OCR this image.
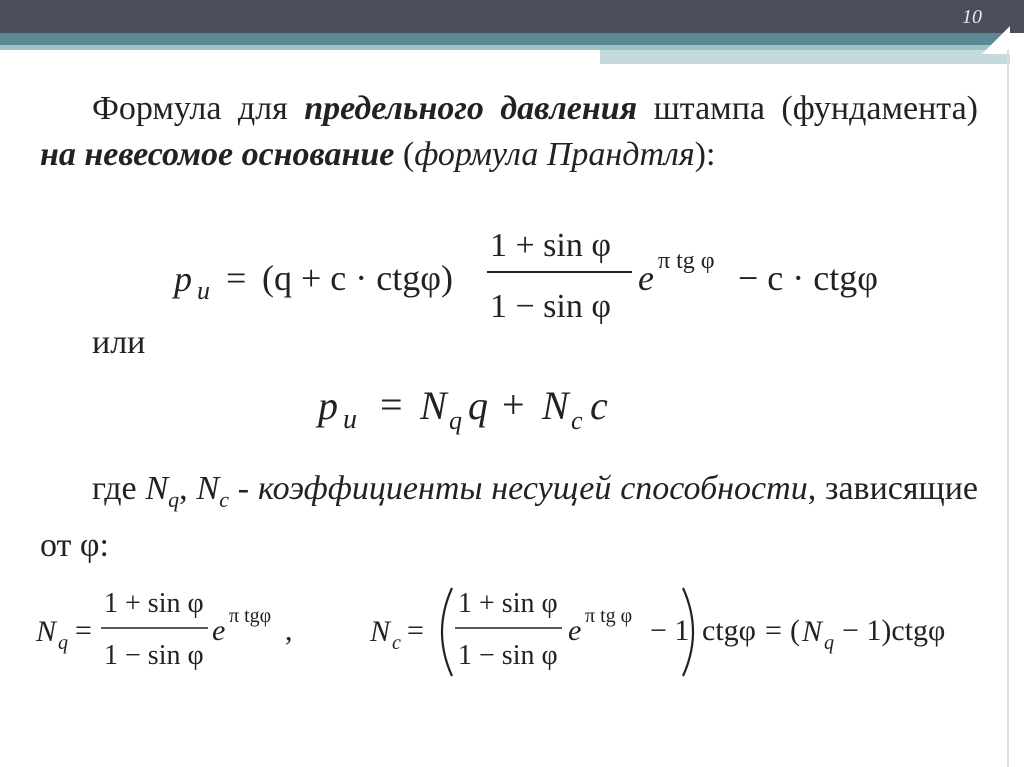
10
Формула для предельного давления штампа (фундамента) на невесомое основание (формула Прандтля):
или
где $N_q$, $N_c$ - коэффициенты несущей способности, зависящие от φ:
p u = (q + c · ctgφ)
1 + sin φ
1 − sin φ
e π tg φ − c · ctgφ
p u = N q q + N c c
N q =
1 + sin φ
1 − sin φ
e π tgφ ,	N c =
1 + sin φ
1 − sin φ
e π tg φ − 1 ctgφ = ( N q − 1)ctgφ
